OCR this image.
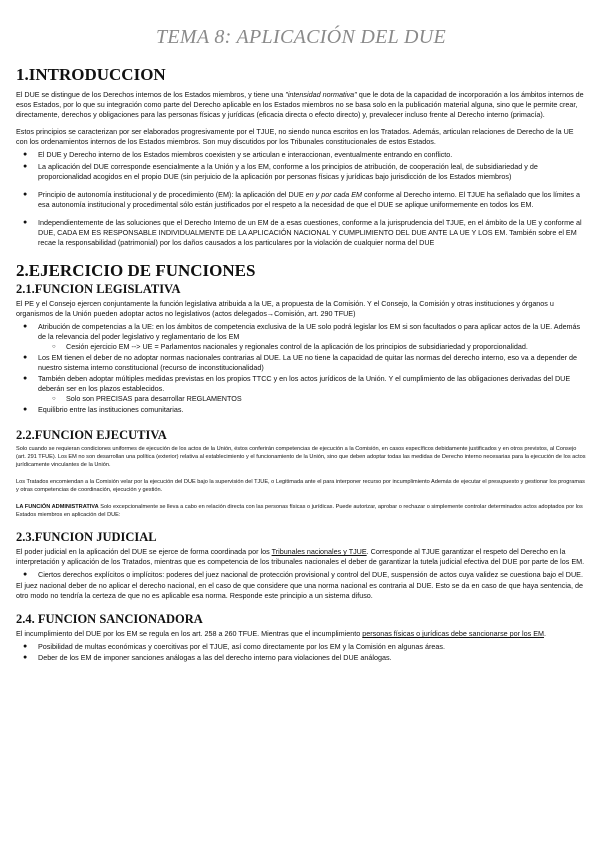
TEMA 8: APLICACIÓN DEL DUE
1.INTRODUCCION

El DUE se distingue de los Derechos internos de los Estados miembros, y tiene una "intensidad normativa" que le dota de la capacidad de incorporación a los ámbitos internos de esos Estados, por lo que su integración como parte del Derecho aplicable en los Estados miembros no se basa solo en la publicación material alguna, sino que le permite crear, directamente, derechos y obligaciones para las personas físicas y jurídicas (eficacia directa o efecto directo) y, prevalecer incluso frente al Derecho interno (primacía).

Estos principios se caracterizan por ser elaborados progresivamente por el TJUE, no siendo nunca escritos en los Tratados. Además, articulan relaciones de Derecho de la UE con los ordenamientos internos de los Estados miembros. Son muy discutidos por los Tribunales constitucionales de estos Estados.

● El DUE y Derecho interno de los Estados miembros coexisten y se articulan e interaccionan, eventualmente entrando en conflicto.
● La aplicación del DUE corresponde esencialmente a la Unión y a los EM, conforme a los principios de atribución, de cooperación leal, de subsidiariedad y de proporcionalidad acogidos en el propio DUE (sin perjuicio de la aplicación por personas físicas y jurídicas bajo jurisdicción de los Estados miembros)
● Principio de autonomía institucional y de procedimiento (EM): la aplicación del DUE en y por cada EM conforme al Derecho interno. El TJUE ha señalado que los límites a esa autonomía institucional y procedimental sólo están justificados por el respeto a la necesidad de que el DUE se aplique uniformemente en todos los EM.
● Independientemente de las soluciones que el Derecho Interno de un EM de a esas cuestiones, conforme a la jurisprudencia del TJUE, en el ámbito de la UE y conforme al DUE, CADA EM ES RESPONSABLE INDIVIDUALMENTE DE LA APLICACIÓN NACIONAL Y CUMPLIMIENTO DEL DUE ANTE LA UE Y LOS EM. También sobre el EM recae la responsabilidad (patrimonial) por los daños causados a los particulares por la violación de cualquier norma del DUE
2.EJERCICIO DE FUNCIONES
2.1.FUNCION LEGISLATIVA

El PE y el Consejo ejercen conjuntamente la función legislativa atribuida a la UE, a propuesta de la Comisión. Y el Consejo, la Comisión y otras instituciones y órganos u organismos de la Unión pueden adoptar actos no legislativos (actos delegados→Comisión, art. 290 TFUE)

● Atribución de competencias a la UE: en los ámbitos de competencia exclusiva de la UE solo podrá legislar los EM si son facultados o para aplicar actos de la UE. Además de la relevancia del poder legislativo y reglamentario de los EM
○ Cesión ejercicio EM --> UE = Parlamentos nacionales y regionales control de la aplicación de los principios de subsidiariedad y proporcionalidad.
● Los EM tienen el deber de no adoptar normas nacionales contrarias al DUE. La UE no tiene la capacidad de quitar las normas del derecho interno, eso va a depender de nuestro sistema interno constitucional (recurso de inconstitucionalidad)
● También deben adoptar múltiples medidas previstas en los propios TTCC y en los actos jurídicos de la Unión. Y el cumplimiento de las obligaciones derivadas del DUE deberán ser en los plazos establecidos.
○ Solo son PRECISAS para desarrollar REGLAMENTOS
● Equilibrio entre las instituciones comunitarias.
2.2.FUNCION EJECUTIVA

Solo cuando se requieran condiciones uniformes de ejecución de los actos de la Unión, éstos conferirán competencias de ejecución a la Comisión, en casos específicos debidamente justificados y en otros previstos, al Consejo (art. 291 TFUE). Los EM no son desarrollan una política (exterior) relativa al establecimiento y el funcionamiento de la Unión, sino que deben adoptar todas las medidas de Derecho interno necesarias para la ejecución de los actos jurídicamente vinculantes de la Unión.

Los Tratados encomiendan a la Comisión velar por la ejecución del DUE bajo la supervisión del TJUE, o Legitimada ante el para interponer recurso por incumplimiento Además de ejecutar el presupuesto y gestionar los programas y otras competencias de coordinación, ejecución y gestión.

LA FUNCIÓN ADMINISTRATIVA Solo excepcionalmente se lleva a cabo en relación directa con las personas físicas o jurídicas. Puede autorizar, aprobar o rechazar o simplemente controlar determinados actos adoptados por los Estados miembros en aplicación del DUE:

2.3.FUNCION JUDICIAL

El poder judicial en la aplicación del DUE se ejerce de forma coordinada por los Tribunales nacionales y TJUE. Corresponde al TJUE garantizar el respeto del Derecho en la interpretación y aplicación de los Tratados, mientras que es competencia de los tribunales nacionales el deber de garantizar la tutela judicial efectiva del DUE por parte de los EM.

● Ciertos derechos explícitos o implícitos: poderes del juez nacional de protección provisional y control del DUE, suspensión de actos cuya validez se cuestiona bajo el DUE.

El juez nacional deber de no aplicar el derecho nacional, en el caso de que considere que una norma nacional es contraria al DUE. Esto se da en caso de que haya sentencia, de otro modo no tendría la certeza de que no es aplicable esa norma. Responde este principio a un sistema difuso.

2.4. FUNCION SANCIONADORA

El incumplimiento del DUE por los EM se regula en los art. 258 a 260 TFUE. Mientras que el incumplimiento personas físicas o jurídicas debe sancionarse por los EM.

● Posibilidad de multas económicas y coercitivas por el TJUE, así como directamente por los EM y la Comisión en algunas áreas.
● Deber de los EM de imponer sanciones análogas a las del derecho interno para violaciones del DUE análogas.
